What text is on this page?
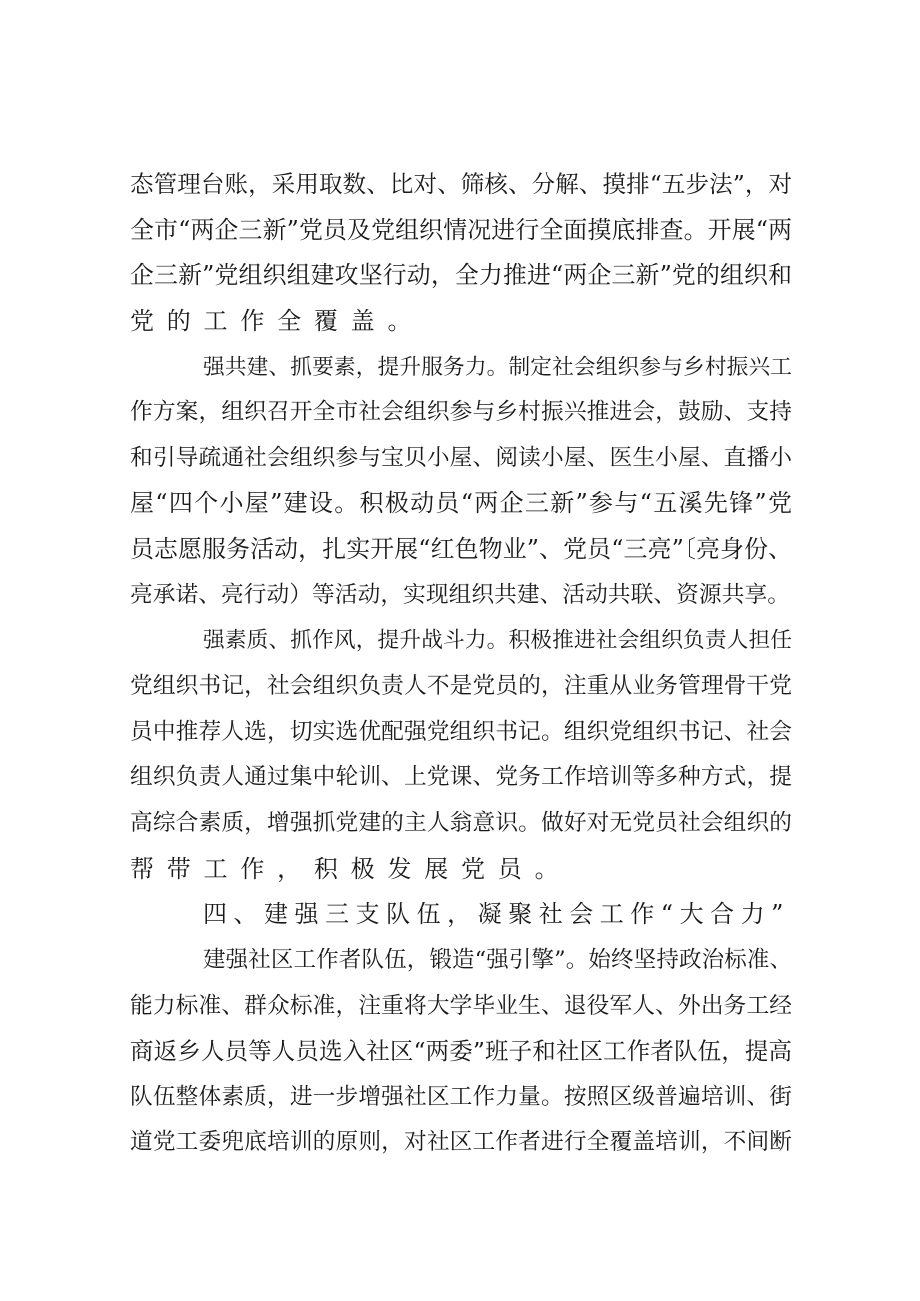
态管理台账，采用取数、比对、筛核、分解、摸排“五步法”，对
全市“两企三新”党员及党组织情况进行全面摸底排查。开展“两
企三新”党组织组建攻坚行动，全力推进“两企三新”党的组织和
党的工作全覆盖。
强共建、抓要素，提升服务力。制定社会组织参与乡村振兴工
作方案，组织召开全市社会组织参与乡村振兴推进会，鼓励、支持
和引导疏通社会组织参与宝贝小屋、阅读小屋、医生小屋、直播小
屋“四个小屋”建设。积极动员“两企三新”参与“五溪先锋”党
员志愿服务活动，扎实开展“红色物业”、党员“三亮”〔亮身份、
亮承诺、亮行动）等活动，实现组织共建、活动共联、资源共享。
强素质、抓作风，提升战斗力。积极推进社会组织负责人担任
党组织书记，社会组织负责人不是党员的，注重从业务管理骨干党
员中推荐人选，切实选优配强党组织书记。组织党组织书记、社会
组织负责人通过集中轮训、上党课、党务工作培训等多种方式，提
高综合素质，增强抓党建的主人翁意识。做好对无党员社会组织的
帮带工作，积极发展党员。
四、建强三支队伍，凝聚社会工作“大合力”
建强社区工作者队伍，锻造“强引擎”。始终坚持政治标准、
能力标准、群众标准，注重将大学毕业生、退役军人、外出务工经
商返乡人员等人员选入社区“两委”班子和社区工作者队伍，提高
队伍整体素质，进一步增强社区工作力量。按照区级普遍培训、街
道党工委兜底培训的原则，对社区工作者进行全覆盖培训，不间断
